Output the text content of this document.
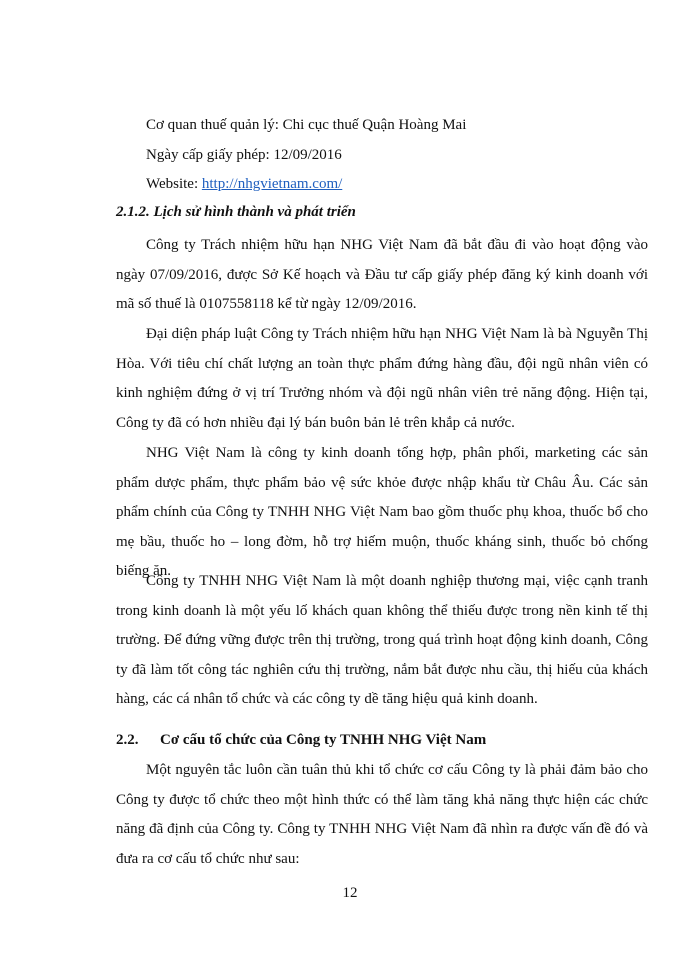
Cơ quan thuế quản lý: Chi cục thuế Quận Hoàng Mai
Ngày cấp giấy phép: 12/09/2016
Website: http://nhgvietnam.com/
2.1.2. Lịch sử hình thành và phát triển
Công ty Trách nhiệm hữu hạn NHG Việt Nam đã bắt đầu đi vào hoạt động vào ngày 07/09/2016, được Sở Kế hoạch và Đầu tư cấp giấy phép đăng ký kinh doanh với mã số thuế là 0107558118 kể từ ngày 12/09/2016.
Đại diện pháp luật Công ty Trách nhiệm hữu hạn NHG Việt Nam là bà Nguyễn Thị Hòa. Với tiêu chí chất lượng an toàn thực phẩm đứng hàng đầu, đội ngũ nhân viên có kinh nghiệm đứng ở vị trí Trưởng nhóm và đội ngũ nhân viên trẻ năng động. Hiện tại, Công ty đã có hơn nhiều đại lý bán buôn bản lẻ trên khắp cả nước.
NHG Việt Nam là công ty kinh doanh tổng hợp, phân phối, marketing các sản phẩm dược phẩm, thực phẩm bảo vệ sức khỏe được nhập khẩu từ Châu Âu. Các sản phẩm chính của Công ty TNHH NHG Việt Nam bao gồm thuốc phụ khoa, thuốc bổ cho mẹ bầu, thuốc ho – long đờm, hỗ trợ hiếm muộn, thuốc kháng sinh, thuốc bỏ chống biếng ăn.
Công ty TNHH NHG Việt Nam là một doanh nghiệp thương mại, việc cạnh tranh trong kinh doanh là một yếu lố khách quan không thể thiếu được trong nền kinh tế thị trường. Để đứng vững được trên thị trường, trong quá trình hoạt động kinh doanh, Công ty đã làm tốt công tác nghiên cứu thị trường, nắm bắt được nhu cầu, thị hiếu của khách hàng, các cá nhân tổ chức và các công ty dề tăng hiệu quả kinh doanh.
2.2. Cơ cấu tổ chức của Công ty TNHH NHG Việt Nam
Một nguyên tắc luôn cần tuân thủ khi tổ chức cơ cấu Công ty là phải đảm bảo cho Công ty được tổ chức theo một hình thức có thể làm tăng khả năng thực hiện các chức năng đã định của Công ty. Công ty TNHH NHG Việt Nam đã nhìn ra được vấn đề đó và đưa ra cơ cấu tổ chức như sau:
12
